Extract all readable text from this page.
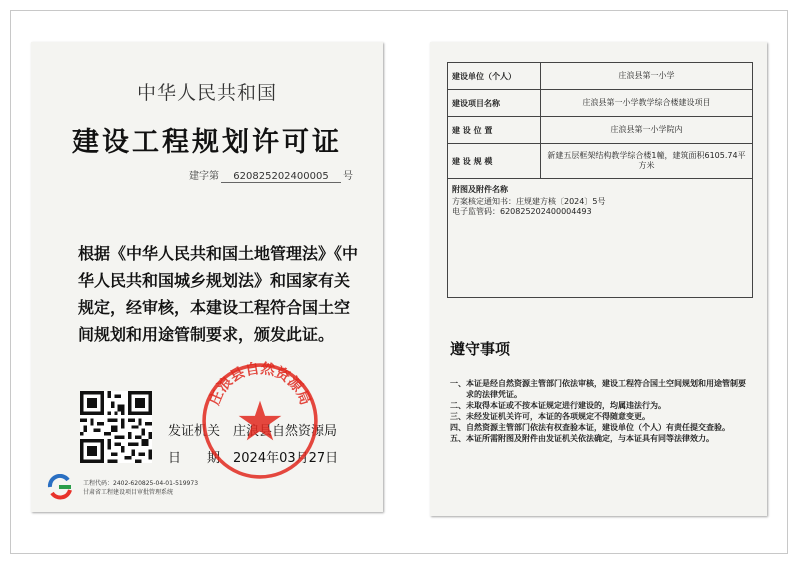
中华人民共和国
建设工程规划许可证
建字第 620825202400005 号
根据《中华人民共和国土地管理法》《中华人民共和国城乡规划法》和国家有关规定，经审核，本建设工程符合国土空间规划和用途管制要求，颁发此证。
发证机关 庄浪县自然资源局
日　　期 2024年03月27日
庄浪县自然资源局
工程代码：2402-620825-04-01-519973
甘肃省工程建设项目审批管理系统
建设单位（个人）	庄浪县第一小学
建设项目名称	庄浪县第一小学教学综合楼建设项目
建 设 位 置	庄浪县第一小学院内
建 设 规 模	新建五层框架结构教学综合楼1幢，建筑面积6105.74平方米

附图及附件名称
方案核定通知书：庄规建方核〔2024〕5号
电子监管码：620825202400004493	
遵守事项
一、本证是经自然资源主管部门依法审核，建设工程符合国土空间规划和用途管制要求的法律凭证。
二、未取得本证或不按本证规定进行建设的，均属违法行为。
三、未经发证机关许可，本证的各项规定不得随意变更。
四、自然资源主管部门依法有权查验本证，建设单位（个人）有责任提交查验。
五、本证所需附图及附件由发证机关依法确定，与本证具有同等法律效力。
